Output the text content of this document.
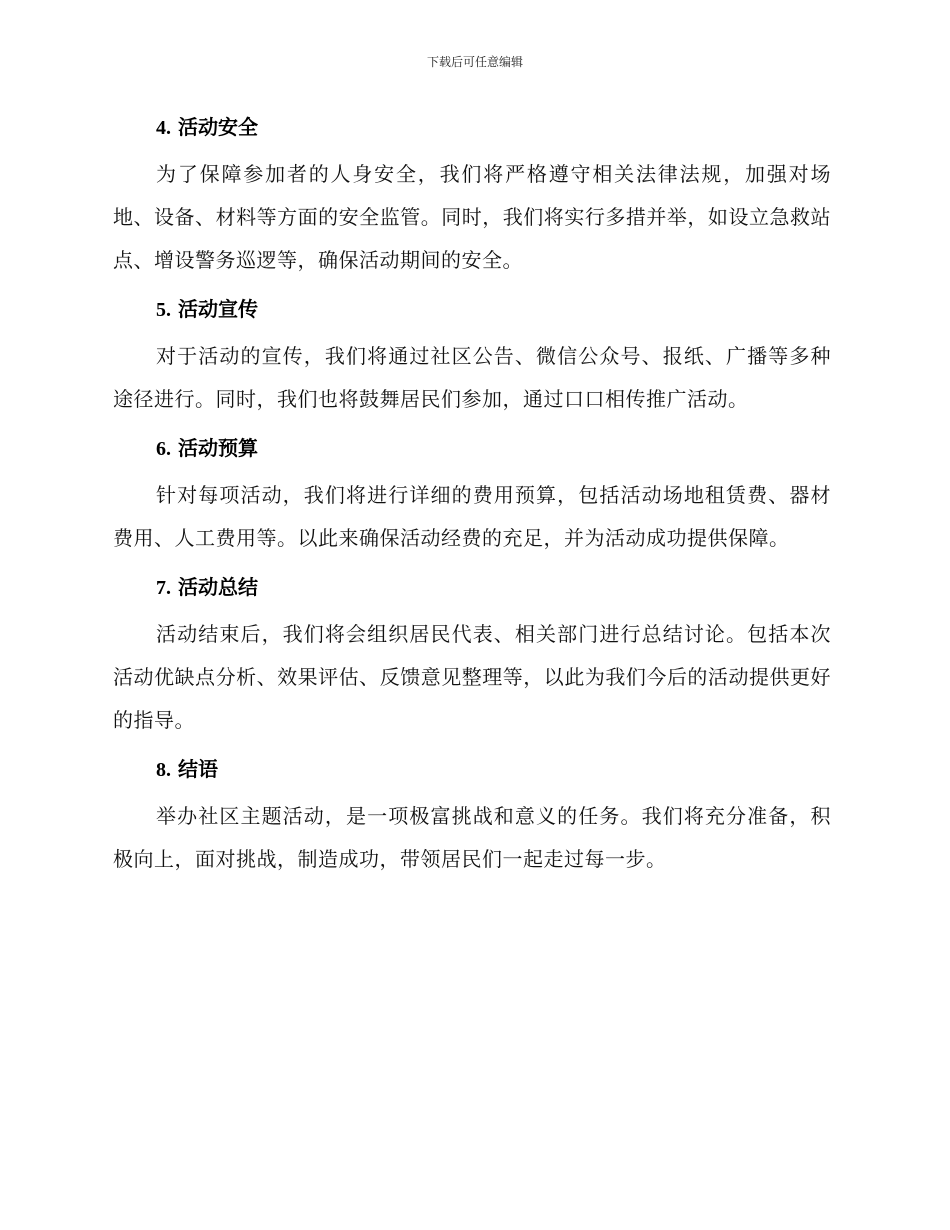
下载后可任意编辑
4. 活动安全

为了保障参加者的人身安全，我们将严格遵守相关法律法规，加强对场地、设备、材料等方面的安全监管。同时，我们将实行多措并举，如设立急救站点、增设警务巡逻等，确保活动期间的安全。

5. 活动宣传

对于活动的宣传，我们将通过社区公告、微信公众号、报纸、广播等多种途径进行。同时，我们也将鼓舞居民们参加，通过口口相传推广活动。

6. 活动预算

针对每项活动，我们将进行详细的费用预算，包括活动场地租赁费、器材费用、人工费用等。以此来确保活动经费的充足，并为活动成功提供保障。

7. 活动总结

活动结束后，我们将会组织居民代表、相关部门进行总结讨论。包括本次活动优缺点分析、效果评估、反馈意见整理等，以此为我们今后的活动提供更好的指导。

8. 结语

举办社区主题活动，是一项极富挑战和意义的任务。我们将充分准备，积极向上，面对挑战，制造成功，带领居民们一起走过每一步。
